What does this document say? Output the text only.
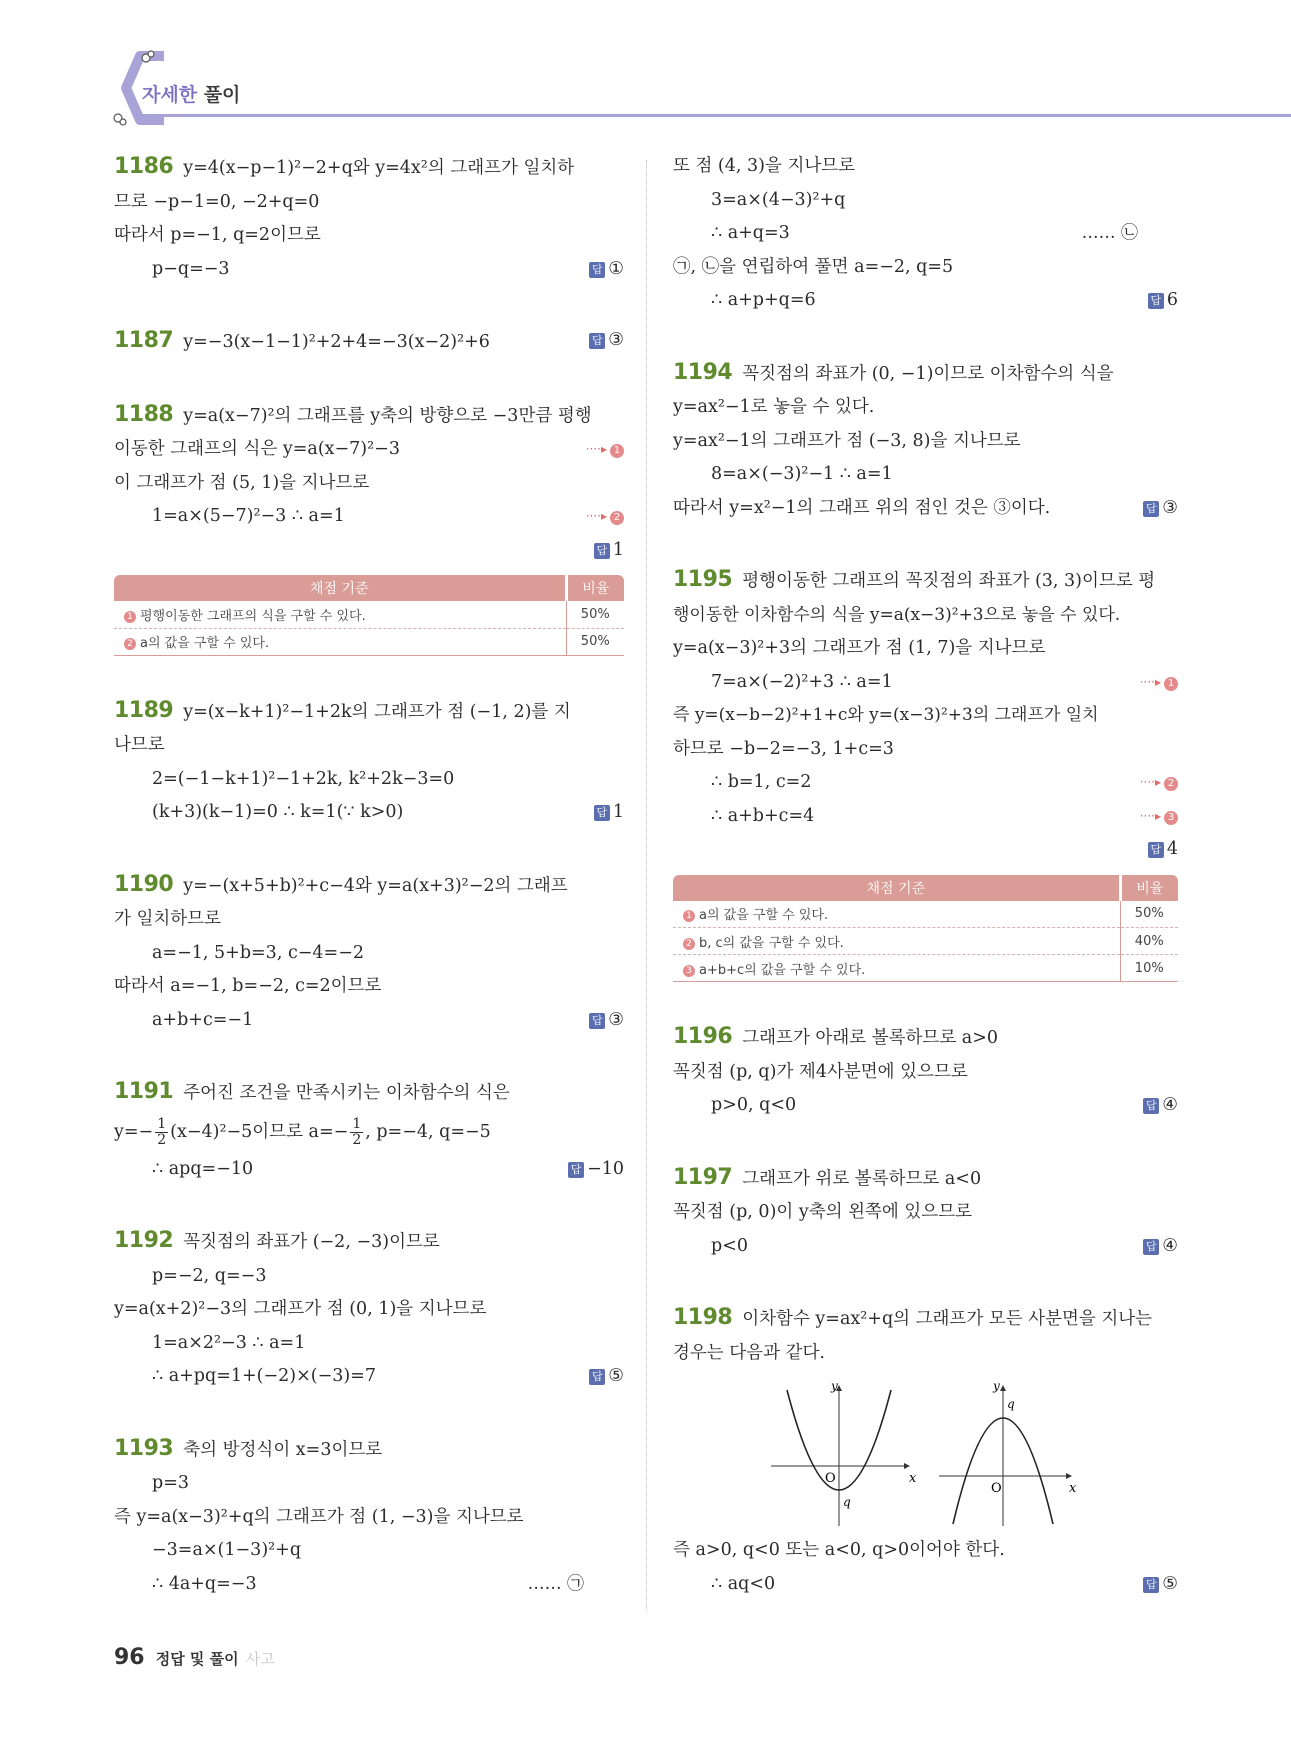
자세한 풀이
1186 y=4(x−p−1)²−2+q와 y=4x²의 그래프가 일치하
므로 −p−1=0, −2+q=0
따라서 p=−1, q=2이므로
p−q=−3	답 ①
1187 y=−3(x−1−1)²+2+4=−3(x−2)²+6	답 ③
1188 y=a(x−7)²의 그래프를 y축의 방향으로 −3만큼 평행
이동한 그래프의 식은 y=a(x−7)²−3	····▸ 1
이 그래프가 점 (5, 1)을 지나므로
1=a×(5−7)²−3 ∴ a=1	····▸ 2
답 1

채점 기준	비율
1 평행이동한 그래프의 식을 구할 수 있다.	50%
2 a의 값을 구할 수 있다.	50%
1189 y=(x−k+1)²−1+2k의 그래프가 점 (−1, 2)를 지
나므로
2=(−1−k+1)²−1+2k, k²+2k−3=0
(k+3)(k−1)=0 ∴ k=1(∵ k>0)	답 1
1190 y=−(x+5+b)²+c−4와 y=a(x+3)²−2의 그래프
가 일치하므로
a=−1, 5+b=3, c−4=−2
따라서 a=−1, b=−2, c=2이므로
a+b+c=−1	답 ③
1191 주어진 조건을 만족시키는 이차함수의 식은
$y=- \frac{1}{2} (x-4)^2-5$이므로 $a=- \frac{1}{2}$ , p=−4, q=−5
∴ apq=−10	답 −10
1192 꼭짓점의 좌표가 (−2, −3)이므로
p=−2, q=−3
y=a(x+2)²−3의 그래프가 점 (0, 1)을 지나므로
1=a×2²−3 ∴ a=1
∴ a+pq=1+(−2)×(−3)=7	답 ⑤
1193 축의 방정식이 x=3이므로
p=3
즉 y=a(x−3)²+q의 그래프가 점 (1, −3)을 지나므로
−3=a×(1−3)²+q
∴ 4a+q=−3	…… ㉠
또 점 (4, 3)을 지나므로
3=a×(4−3)²+q
∴ a+q=3	…… ㉡
㉠, ㉡을 연립하여 풀면 a=−2, q=5
∴ a+p+q=6	답 6
1194 꼭짓점의 좌표가 (0, −1)이므로 이차함수의 식을
y=ax²−1로 놓을 수 있다.
y=ax²−1의 그래프가 점 (−3, 8)을 지나므로
8=a×(−3)²−1 ∴ a=1
따라서 y=x²−1의 그래프 위의 점인 것은 ③이다.	답 ③
1195 평행이동한 그래프의 꼭짓점의 좌표가 (3, 3)이므로 평
행이동한 이차함수의 식을 y=a(x−3)²+3으로 놓을 수 있다.
y=a(x−3)²+3의 그래프가 점 (1, 7)을 지나므로
7=a×(−2)²+3 ∴ a=1	····▸ 1
즉 y=(x−b−2)²+1+c와 y=(x−3)²+3의 그래프가 일치
하므로 −b−2=−3, 1+c=3
∴ b=1, c=2	····▸ 2
∴ a+b+c=4	····▸ 3
답 4

채점 기준	비율
1 a의 값을 구할 수 있다.	50%
2 b, c의 값을 구할 수 있다.	40%
3 a+b+c의 값을 구할 수 있다.	10%
1196 그래프가 아래로 볼록하므로 a>0
꼭짓점 (p, q)가 제4사분면에 있으므로
p>0, q<0	답 ④
1197 그래프가 위로 볼록하므로 a<0
꼭짓점 (p, 0)이 y축의 왼쪽에 있으므로
p<0	답 ④
1198 이차함수 y=ax²+q의 그래프가 모든 사분면을 지나는
경우는 다음과 같다.
y
x
O
q
y
x
O
q
즉 a>0, q<0 또는 a<0, q>0이어야 한다.
∴ aq<0	답 ⑤
96 정답 및 풀이 사고
